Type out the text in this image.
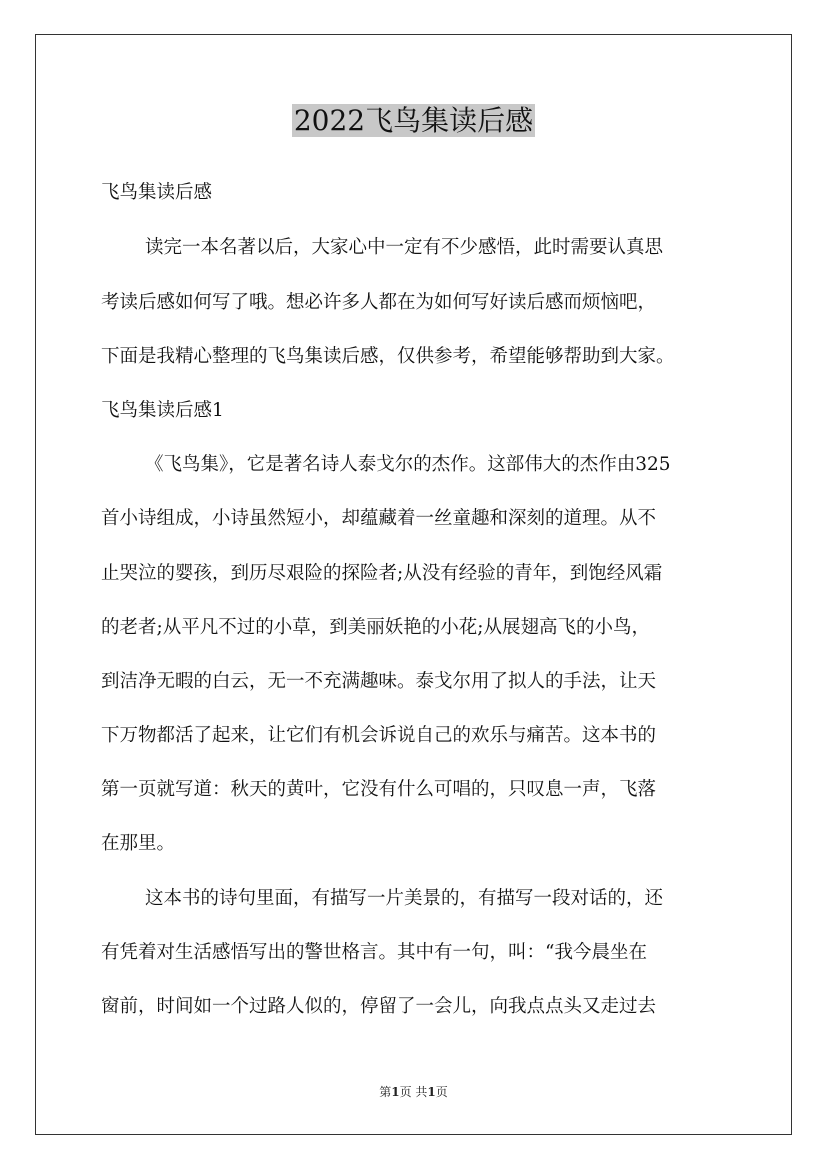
2022飞鸟集读后感
飞鸟集读后感
读完一本名著以后，大家心中一定有不少感悟，此时需要认真思
考读后感如何写了哦。想必许多人都在为如何写好读后感而烦恼吧，
下面是我精心整理的飞鸟集读后感，仅供参考，希望能够帮助到大家。
飞鸟集读后感1
《飞鸟集》，它是著名诗人泰戈尔的杰作。这部伟大的杰作由325
首小诗组成，小诗虽然短小，却蕴藏着一丝童趣和深刻的道理。从不
止哭泣的婴孩，到历尽艰险的探险者;从没有经验的青年，到饱经风霜
的老者;从平凡不过的小草，到美丽妖艳的小花;从展翅高飞的小鸟，
到洁净无暇的白云，无一不充满趣味。泰戈尔用了拟人的手法，让天
下万物都活了起来，让它们有机会诉说自己的欢乐与痛苦。这本书的
第一页就写道：秋天的黄叶，它没有什么可唱的，只叹息一声，飞落
在那里。
这本书的诗句里面，有描写一片美景的，有描写一段对话的，还
有凭着对生活感悟写出的警世格言。其中有一句，叫：“我今晨坐在
窗前，时间如一个过路人似的，停留了一会儿，向我点点头又走过去
第1页 共1页
